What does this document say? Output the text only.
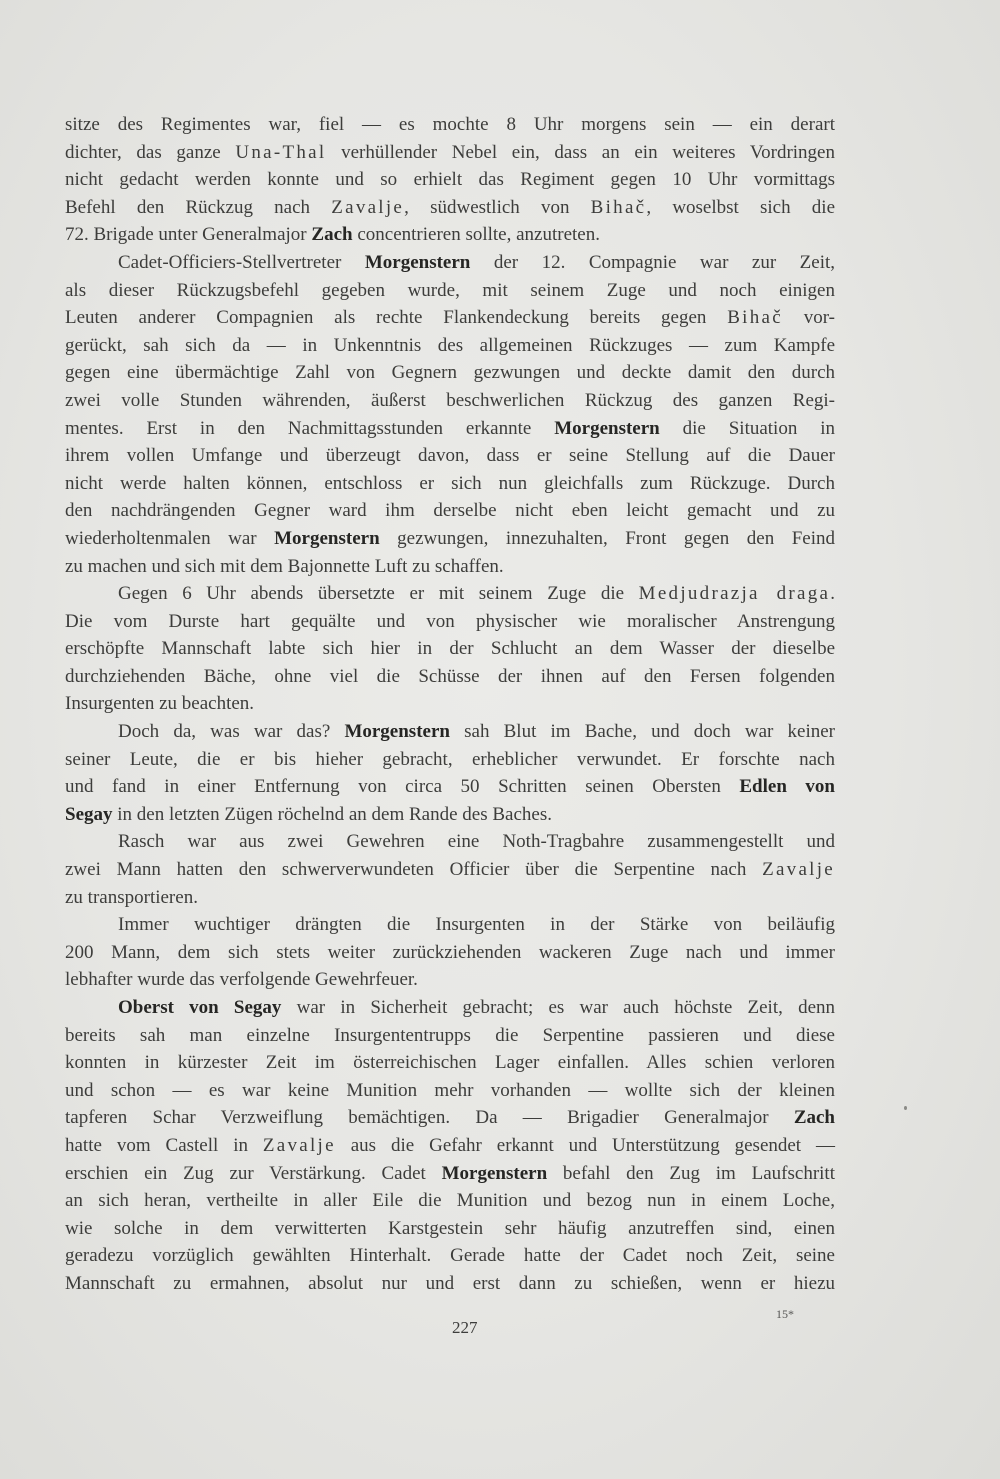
sitze des Regimentes war, fiel — es mochte 8 Uhr morgens sein — ein derart
dichter, das ganze Una-Thal verhüllender Nebel ein, dass an ein weiteres Vordringen
nicht gedacht werden konnte und so erhielt das Regiment gegen 10 Uhr vormittags
Befehl den Rückzug nach Zavalje, südwestlich von Bihač, woselbst sich die
72. Brigade unter Generalmajor Zach concentrieren sollte, anzutreten.
Cadet-Officiers-Stellvertreter Morgenstern der 12. Compagnie war zur Zeit,
als dieser Rückzugsbefehl gegeben wurde, mit seinem Zuge und noch einigen
Leuten anderer Compagnien als rechte Flankendeckung bereits gegen Bihač vor-
gerückt, sah sich da — in Unkenntnis des allgemeinen Rückzuges — zum Kampfe
gegen eine übermächtige Zahl von Gegnern gezwungen und deckte damit den durch
zwei volle Stunden währenden, äußerst beschwerlichen Rückzug des ganzen Regi-
mentes. Erst in den Nachmittagsstunden erkannte Morgenstern die Situation in
ihrem vollen Umfange und überzeugt davon, dass er seine Stellung auf die Dauer
nicht werde halten können, entschloss er sich nun gleichfalls zum Rückzuge. Durch
den nachdrängenden Gegner ward ihm derselbe nicht eben leicht gemacht und zu
wiederholtenmalen war Morgenstern gezwungen, innezuhalten, Front gegen den Feind
zu machen und sich mit dem Bajonnette Luft zu schaffen.
Gegen 6 Uhr abends übersetzte er mit seinem Zuge die Medjudrazja draga.
Die vom Durste hart gequälte und von physischer wie moralischer Anstrengung
erschöpfte Mannschaft labte sich hier in der Schlucht an dem Wasser der dieselbe
durchziehenden Bäche, ohne viel die Schüsse der ihnen auf den Fersen folgenden
Insurgenten zu beachten.
Doch da, was war das? Morgenstern sah Blut im Bache, und doch war keiner
seiner Leute, die er bis hieher gebracht, erheblicher verwundet. Er forschte nach
und fand in einer Entfernung von circa 50 Schritten seinen Obersten Edlen von
Segay in den letzten Zügen röchelnd an dem Rande des Baches.
Rasch war aus zwei Gewehren eine Noth-Tragbahre zusammengestellt und
zwei Mann hatten den schwerverwundeten Officier über die Serpentine nach Zavalje
zu transportieren.
Immer wuchtiger drängten die Insurgenten in der Stärke von beiläufig
200 Mann, dem sich stets weiter zurückziehenden wackeren Zuge nach und immer
lebhafter wurde das verfolgende Gewehrfeuer.
Oberst von Segay war in Sicherheit gebracht; es war auch höchste Zeit, denn
bereits sah man einzelne Insurgententrupps die Serpentine passieren und diese
konnten in kürzester Zeit im österreichischen Lager einfallen. Alles schien verloren
und schon — es war keine Munition mehr vorhanden — wollte sich der kleinen
tapferen Schar Verzweiflung bemächtigen. Da — Brigadier Generalmajor Zach
hatte vom Castell in Zavalje aus die Gefahr erkannt und Unterstützung gesendet —
erschien ein Zug zur Verstärkung. Cadet Morgenstern befahl den Zug im Laufschritt
an sich heran, vertheilte in aller Eile die Munition und bezog nun in einem Loche,
wie solche in dem verwitterten Karstgestein sehr häufig anzutreffen sind, einen
geradezu vorzüglich gewählten Hinterhalt. Gerade hatte der Cadet noch Zeit, seine
Mannschaft zu ermahnen, absolut nur und erst dann zu schießen, wenn er hiezu
227
15*
